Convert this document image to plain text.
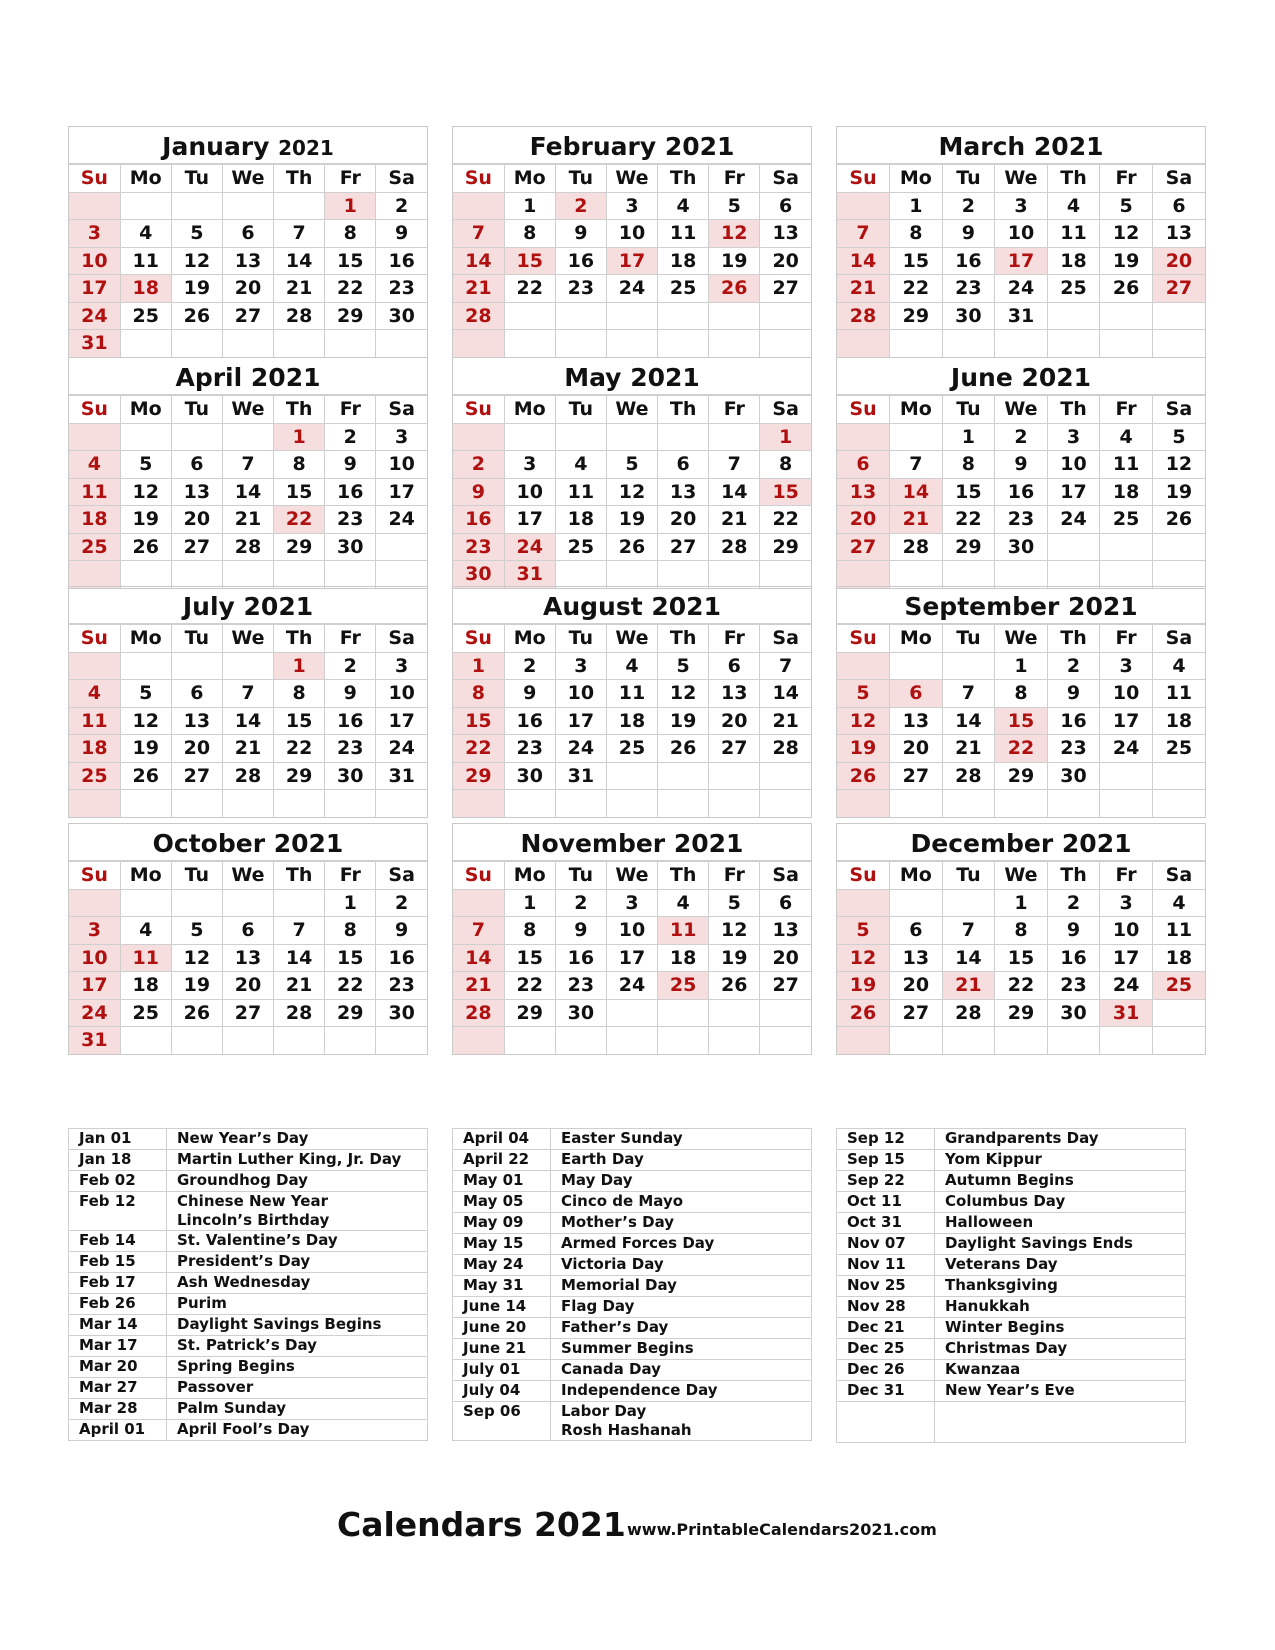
January 2021
Su	Mo	Tu	We	Th	Fr	Sa
					1	2
3	4	5	6	7	8	9
10	11	12	13	14	15	16
17	18	19	20	21	22	23
24	25	26	27	28	29	30
31						
February 2021
Su	Mo	Tu	We	Th	Fr	Sa
	1	2	3	4	5	6
7	8	9	10	11	12	13
14	15	16	17	18	19	20
21	22	23	24	25	26	27
28						

March 2021
Su	Mo	Tu	We	Th	Fr	Sa
	1	2	3	4	5	6
7	8	9	10	11	12	13
14	15	16	17	18	19	20
21	22	23	24	25	26	27
28	29	30	31			

April 2021
Su	Mo	Tu	We	Th	Fr	Sa
				1	2	3
4	5	6	7	8	9	10
11	12	13	14	15	16	17
18	19	20	21	22	23	24
25	26	27	28	29	30	

May 2021
Su	Mo	Tu	We	Th	Fr	Sa
						1
2	3	4	5	6	7	8
9	10	11	12	13	14	15
16	17	18	19	20	21	22
23	24	25	26	27	28	29
30	31					
June 2021
Su	Mo	Tu	We	Th	Fr	Sa
		1	2	3	4	5
6	7	8	9	10	11	12
13	14	15	16	17	18	19
20	21	22	23	24	25	26
27	28	29	30			

July 2021
Su	Mo	Tu	We	Th	Fr	Sa
				1	2	3
4	5	6	7	8	9	10
11	12	13	14	15	16	17
18	19	20	21	22	23	24
25	26	27	28	29	30	31

August 2021
Su	Mo	Tu	We	Th	Fr	Sa
1	2	3	4	5	6	7
8	9	10	11	12	13	14
15	16	17	18	19	20	21
22	23	24	25	26	27	28
29	30	31				

September 2021
Su	Mo	Tu	We	Th	Fr	Sa
			1	2	3	4
5	6	7	8	9	10	11
12	13	14	15	16	17	18
19	20	21	22	23	24	25
26	27	28	29	30		

October 2021
Su	Mo	Tu	We	Th	Fr	Sa
					1	2
3	4	5	6	7	8	9
10	11	12	13	14	15	16
17	18	19	20	21	22	23
24	25	26	27	28	29	30
31						
November 2021
Su	Mo	Tu	We	Th	Fr	Sa
	1	2	3	4	5	6
7	8	9	10	11	12	13
14	15	16	17	18	19	20
21	22	23	24	25	26	27
28	29	30				

December 2021
Su	Mo	Tu	We	Th	Fr	Sa
			1	2	3	4
5	6	7	8	9	10	11
12	13	14	15	16	17	18
19	20	21	22	23	24	25
26	27	28	29	30	31	

Jan 01	New Year’s Day
Jan 18	Martin Luther King, Jr. Day
Feb 02	Groundhog Day
Feb 12	Chinese New Year
Lincoln’s Birthday
Feb 14	St. Valentine’s Day
Feb 15	President’s Day
Feb 17	Ash Wednesday
Feb 26	Purim
Mar 14	Daylight Savings Begins
Mar 17	St. Patrick’s Day
Mar 20	Spring Begins
Mar 27	Passover
Mar 28	Palm Sunday
April 01	April Fool’s Day
April 04	Easter Sunday
April 22	Earth Day
May 01	May Day
May 05	Cinco de Mayo
May 09	Mother’s Day
May 15	Armed Forces Day
May 24	Victoria Day
May 31	Memorial Day
June 14	Flag Day
June 20	Father’s Day
June 21	Summer Begins
July 01	Canada Day
July 04	Independence Day
Sep 06	Labor Day
Rosh Hashanah
Sep 12	Grandparents Day
Sep 15	Yom Kippur
Sep 22	Autumn Begins
Oct 11	Columbus Day
Oct 31	Halloween
Nov 07	Daylight Savings Ends
Nov 11	Veterans Day
Nov 25	Thanksgiving
Nov 28	Hanukkah
Dec 21	Winter Begins
Dec 25	Christmas Day
Dec 26	Kwanzaa
Dec 31	New Year’s Eve

Calendars 2021 www.PrintableCalendars2021.com
